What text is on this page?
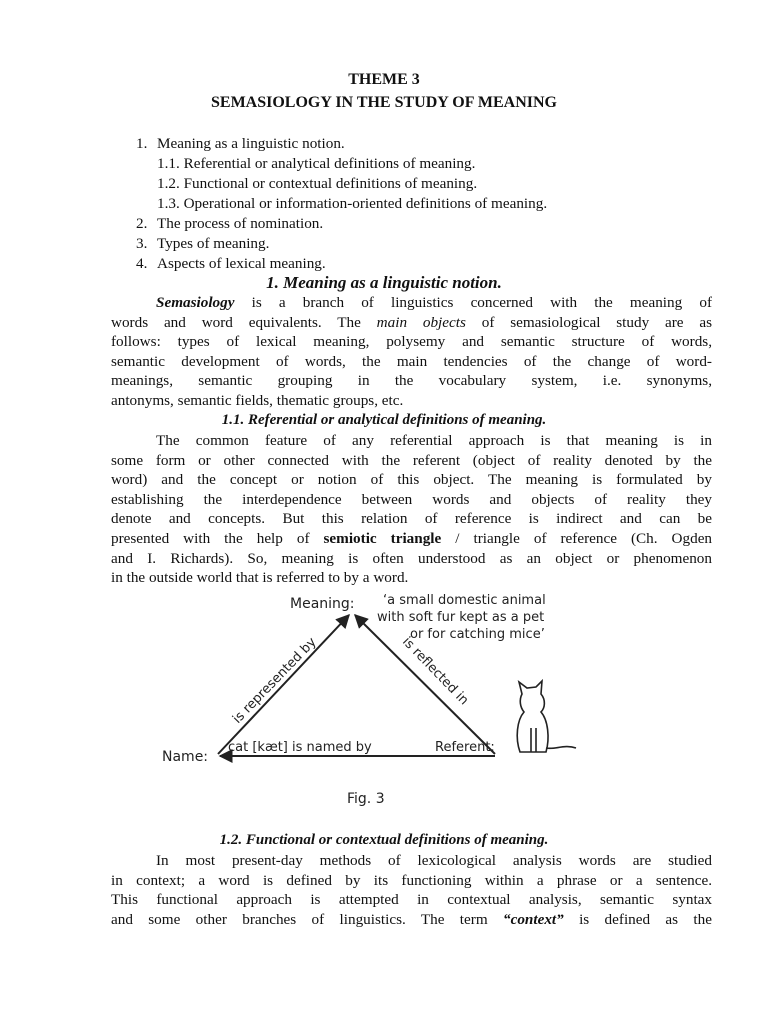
THEME 3
SEMASIOLOGY IN THE STUDY OF MEANING
1. Meaning as a linguistic notion.
1.1. Referential or analytical definitions of meaning.
1.2. Functional or contextual definitions of meaning.
1.3. Operational or information-oriented definitions of meaning.
2. The process of nomination.
3. Types of meaning.
4. Aspects of lexical meaning.
1. Meaning as a linguistic notion.
Semasiology is a branch of linguistics concerned with the meaning of
words and word equivalents. The main objects of semasiological study are as
follows: types of lexical meaning, polysemy and semantic structure of words,
semantic development of words, the main tendencies of the change of word-
meanings, semantic grouping in the vocabulary system, i.e. synonyms,
antonyms, semantic fields, thematic groups, etc.
1.1. Referential or analytical definitions of meaning.
The common feature of any referential approach is that meaning is in
some form or other connected with the referent (object of reality denoted by the
word) and the concept or notion of this object. The meaning is formulated by
establishing the interdependence between words and objects of reality they
denote and concepts. But this relation of reference is indirect and can be
presented with the help of semiotic triangle / triangle of reference (Ch. Ogden
and I. Richards). So, meaning is often understood as an object or phenomenon
in the outside world that is referred to by a word.
Meaning: ‘a small domestic animal
with soft fur kept as a pet
or for catching mice’
is represented by	is reflected in
cat [kæt] is named by
Name:
Referent:
Fig. 3
1.2. Functional or contextual definitions of meaning.
In most present-day methods of lexicological analysis words are studied
in context; a word is defined by its functioning within a phrase or a sentence.
This functional approach is attempted in contextual analysis, semantic syntax
and some other branches of linguistics. The term “context” is defined as the
